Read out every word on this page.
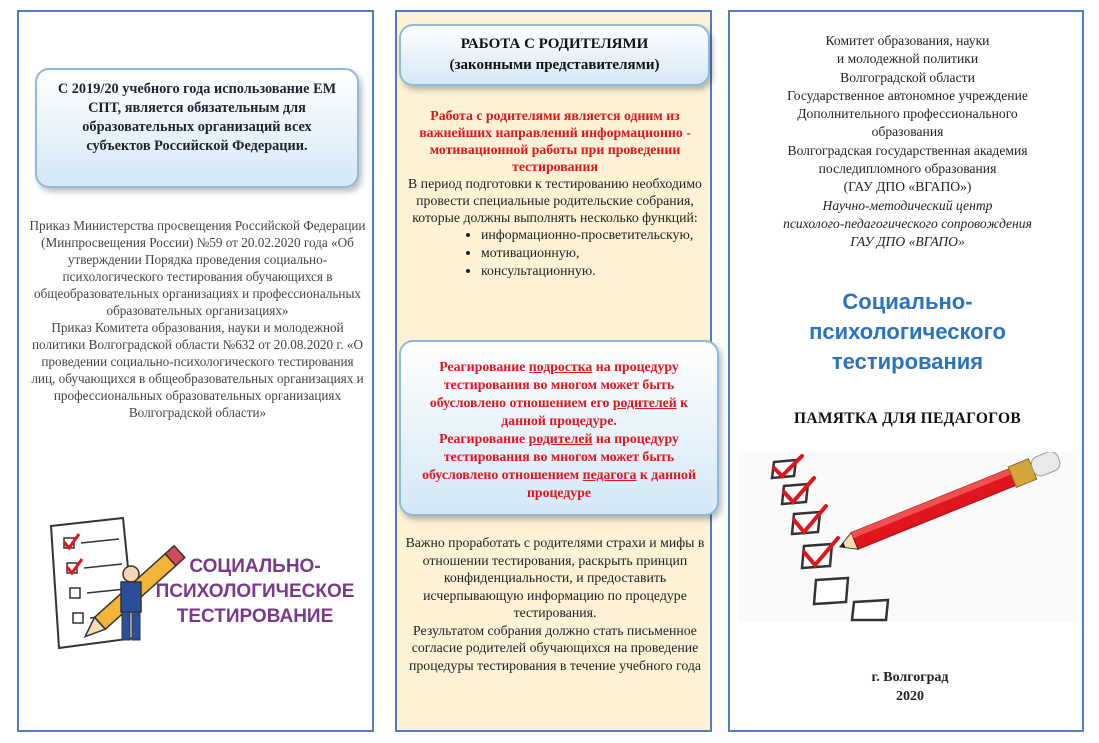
С 2019/20 учебного года использование ЕМ СПТ, является обязательным для образовательных организаций всех субъектов Российской Федерации.

Приказ Министерства просвещения Российской Федерации (Минпросвещения России) №59 от 20.02.2020 года «Об утверждении Порядка проведения социально-психологического тестирования обучающихся в общеобразовательных организациях и профессиональных образовательных организациях»

Приказ Комитета образования, науки и молодежной политики Волгоградской области №632 от 20.08.2020 г. «О проведении социально-психологического тестирования лиц, обучающихся в общеобразовательных организациях и профессиональных образовательных организациях Волгоградской области»

СОЦИАЛЬНО-
ПСИХОЛОГИЧЕСКОЕ
ТЕСТИРОВАНИЕ
РАБОТА С РОДИТЕЛЯМИ
(законными представителями)

Работа с родителями является одним из важнейших направлений информационно - мотивационной работы при проведении тестирования

В период подготовки к тестированию необходимо провести специальные родительские собрания, которые должны выполнять несколько функций:

• информационно-просветительскую,
• мотивационную,
• консультационную.
Реагирование подростка на процедуру тестирования во многом может быть обусловлено отношением его родителей к данной процедуре.
Реагирование родителей на процедуру тестирования во многом может быть обусловлено отношением педагога к данной процедуре

Важно проработать с родителями страхи и мифы в отношении тестирования, раскрыть принцип конфиденциальности, и предоставить исчерпывающую информацию по процедуре тестирования.

Результатом собрания должно стать письменное согласие родителей обучающихся на проведение процедуры тестирования в течение учебного года

Комитет образования, науки

и молодежной политики

Волгоградской области

Государственное автономное учреждение

Дополнительного профессионального

образования

Волгоградская государственная академия

последипломного образования

(ГАУ ДПО «ВГАПО»)

Научно-методический центр

психолого-педагогического сопровождения

ГАУ ДПО «ВГАПО»

Социально-
психологического
тестирования
ПАМЯТКА ДЛЯ ПЕДАГОГОВ
г. Волгоград
2020
